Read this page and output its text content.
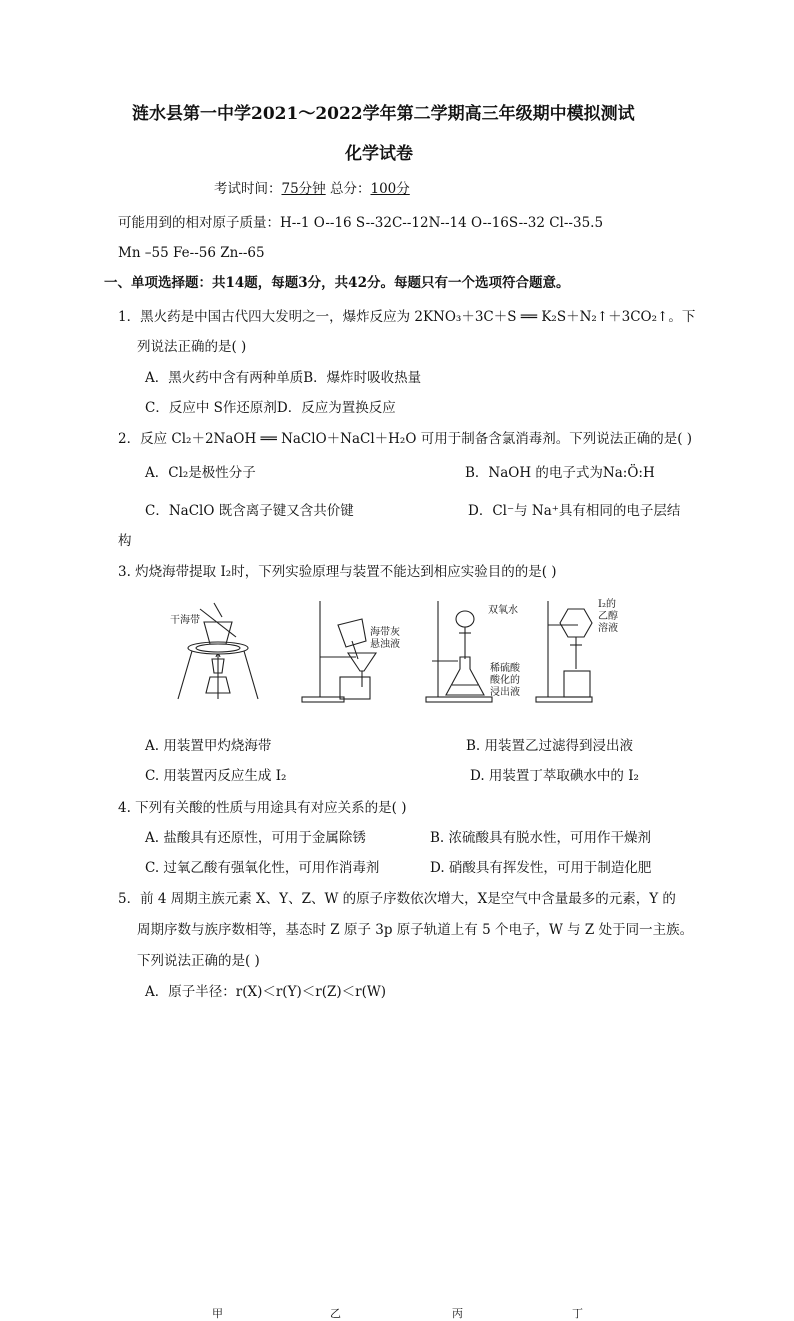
涟水县第一中学2021～2022学年第二学期高三年级期中模拟测试
化学试卷
考试时间：75分钟 总分：100分
可能用到的相对原子质量：H--1 O--16 S--32C--12N--14 O--16S--32 Cl--35.5
Mn –55 Fe--56 Zn--65
一、单项选择题：共14题，每题3分，共42分。每题只有一个选项符合题意。
1．黑火药是中国古代四大发明之一，爆炸反应为 2KNO₃＋3C＋S ══ K₂S＋N₂↑＋3CO₂↑。下
列说法正确的是( )
A．黑火药中含有两种单质B．爆炸时吸收热量
C．反应中 S作还原剂D．反应为置换反应
2．反应 Cl₂＋2NaOH ══ NaClO＋NaCl＋H₂O 可用于制备含氯消毒剂。下列说法正确的是( )
A．Cl₂是极性分子	B．NaOH 的电子式为Na:Ö:H
C．NaClO 既含离子键又含共价键	D．Cl⁻与 Na⁺具有相同的电子层结
构
3. 灼烧海带提取 I₂时，下列实验原理与装置不能达到相应实验目的的是( )
干海带
海带灰
悬浊液
双氧水
稀硫酸
酸化的
浸出液
I₂的
乙醇
溶液
甲	乙	丙	丁
A. 用装置甲灼烧海带	B. 用装置乙过滤得到浸出液
C. 用装置丙反应生成 I₂	D. 用装置丁萃取碘水中的 I₂
4. 下列有关酸的性质与用途具有对应关系的是( )
A. 盐酸具有还原性，可用于金属除锈	B. 浓硫酸具有脱水性，可用作干燥剂
C. 过氧乙酸有强氧化性，可用作消毒剂	D. 硝酸具有挥发性，可用于制造化肥
5．前 4 周期主族元素 X、Y、Z、W 的原子序数依次增大，X是空气中含量最多的元素，Y 的
周期序数与族序数相等，基态时 Z 原子 3p 原子轨道上有 5 个电子，W 与 Z 处于同一主族。
下列说法正确的是( )
A．原子半径：r(X)＜r(Y)＜r(Z)＜r(W)
